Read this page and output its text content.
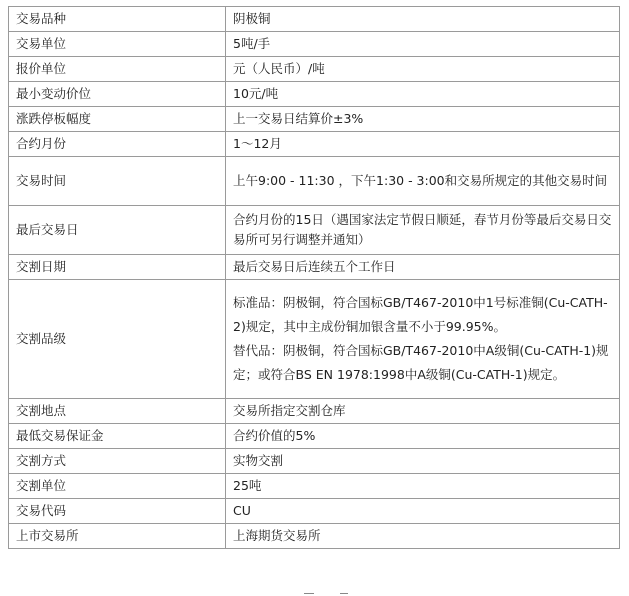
交易品种	阴极铜
交易单位	5吨/手
报价单位	元（人民币）/吨
最小变动价位	10元/吨
涨跌停板幅度	上一交易日结算价±3%
合约月份	1～12月
交易时间	上午9:00 - 11:30 ，下午1:30 - 3:00和交易所规定的其他交易时间
最后交易日	合约月份的15日（遇国家法定节假日顺延，春节月份等最后交易日交易所可另行调整并通知）
交割日期	最后交易日后连续五个工作日
交割品级	标准品：阴极铜，符合国标GB/T467-2010中1号标准铜(Cu-CATH-2)规定，其中主成份铜加银含量不小于99.95%。
替代品：阴极铜，符合国标GB/T467-2010中A级铜(Cu-CATH-1)规定；或符合BS EN 1978:1998中A级铜(Cu-CATH-1)规定。

交割地点	交易所指定交割仓库
最低交易保证金	合约价值的5%
交割方式	实物交割
交割单位	25吨
交易代码	CU
上市交易所	上海期货交易所
